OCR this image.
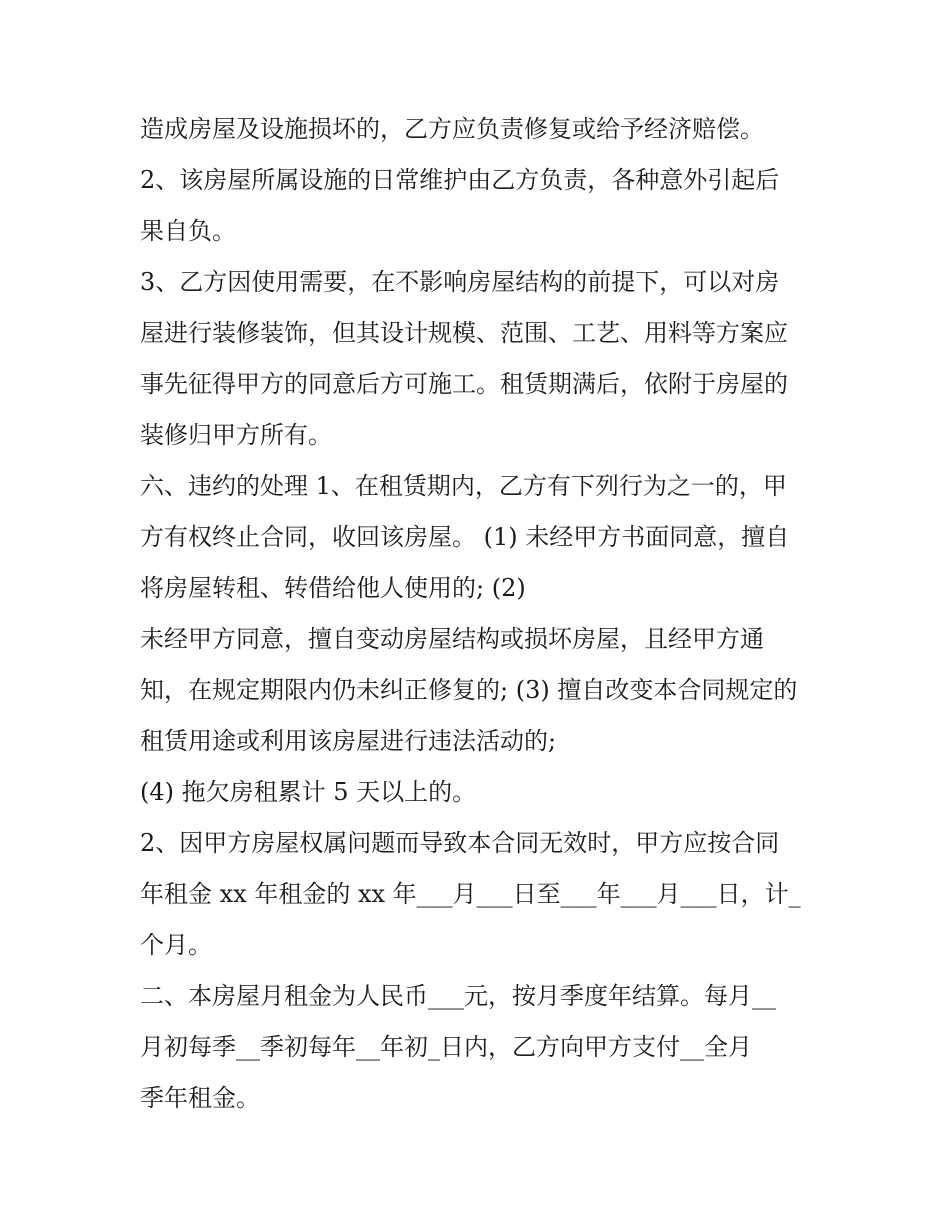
造成房屋及设施损坏的，乙方应负责修复或给予经济赔偿。
2、该房屋所属设施的日常维护由乙方负责，各种意外引起后
果自负。
3、乙方因使用需要，在不影响房屋结构的前提下，可以对房
屋进行装修装饰，但其设计规模、范围、工艺、用料等方案应
事先征得甲方的同意后方可施工。租赁期满后，依附于房屋的
装修归甲方所有。
六、违约的处理 1、在租赁期内，乙方有下列行为之一的，甲
方有权终止合同，收回该房屋。 (1) 未经甲方书面同意，擅自
将房屋转租、转借给他人使用的; (2)
未经甲方同意，擅自变动房屋结构或损坏房屋，且经甲方通
知，在规定期限内仍未纠正修复的; (3) 擅自改变本合同规定的
租赁用途或利用该房屋进行违法活动的;
(4) 拖欠房租累计 5 天以上的。
2、因甲方房屋权属问题而导致本合同无效时，甲方应按合同
年租金 xx 年租金的 xx 年___月___日至___年___月___日，计_
个月。
二、本房屋月租金为人民币___元，按月季度年结算。每月__
月初每季__季初每年__年初_日内，乙方向甲方支付__全月
季年租金。
